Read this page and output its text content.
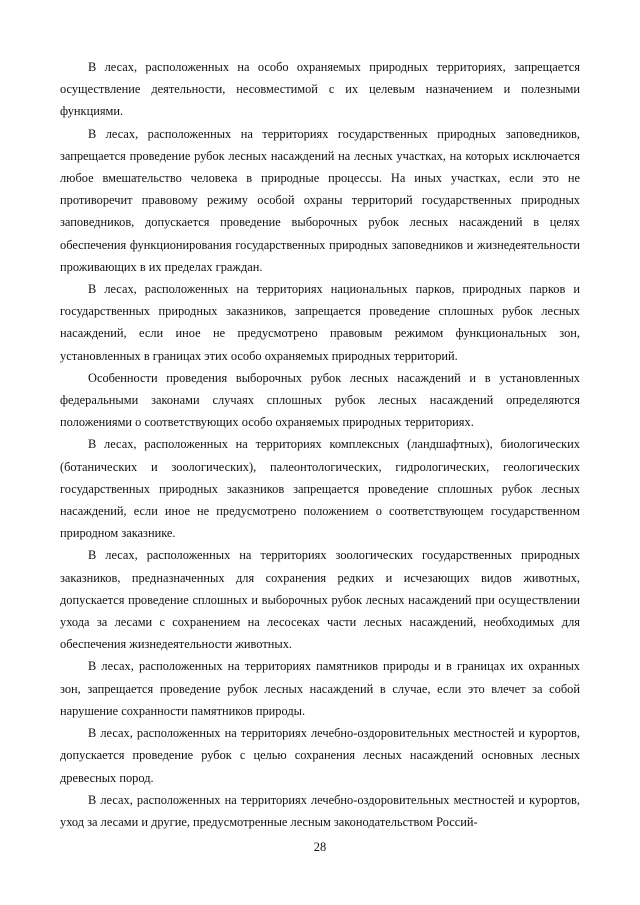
В лесах, расположенных на особо охраняемых природных территориях, запрещается осуществление деятельности, несовместимой с их целевым назначением и полезными функциями.

В лесах, расположенных на территориях государственных природных заповедников, запрещается проведение рубок лесных насаждений на лесных участках, на которых исключается любое вмешательство человека в природные процессы. На иных участках, если это не противоречит правовому режиму особой охраны территорий государственных природных заповедников, допускается проведение выборочных рубок лесных насаждений в целях обеспечения функционирования государственных природных заповедников и жизнедеятельности проживающих в их пределах граждан.

В лесах, расположенных на территориях национальных парков, природных парков и государственных природных заказников, запрещается проведение сплошных рубок лесных насаждений, если иное не предусмотрено правовым режимом функциональных зон, установленных в границах этих особо охраняемых природных территорий.

Особенности проведения выборочных рубок лесных насаждений и в установленных федеральными законами случаях сплошных рубок лесных насаждений определяются положениями о соответствующих особо охраняемых природных территориях.

В лесах, расположенных на территориях комплексных (ландшафтных), биологических (ботанических и зоологических), палеонтологических, гидрологических, геологических государственных природных заказников запрещается проведение сплошных рубок лесных насаждений, если иное не предусмотрено положением о соответствующем государственном природном заказнике.

В лесах, расположенных на территориях зоологических государственных природных заказников, предназначенных для сохранения редких и исчезающих видов животных, допускается проведение сплошных и выборочных рубок лесных насаждений при осуществлении ухода за лесами с сохранением на лесосеках части лесных насаждений, необходимых для обеспечения жизнедеятельности животных.

В лесах, расположенных на территориях памятников природы и в границах их охранных зон, запрещается проведение рубок лесных насаждений в случае, если это влечет за собой нарушение сохранности памятников природы.

В лесах, расположенных на территориях лечебно-оздоровительных местностей и курортов, допускается проведение рубок с целью сохранения лесных насаждений основных лесных древесных пород.

В лесах, расположенных на территориях лечебно-оздоровительных местностей и курортов, уход за лесами и другие, предусмотренные лесным законодательством Россий-

28
